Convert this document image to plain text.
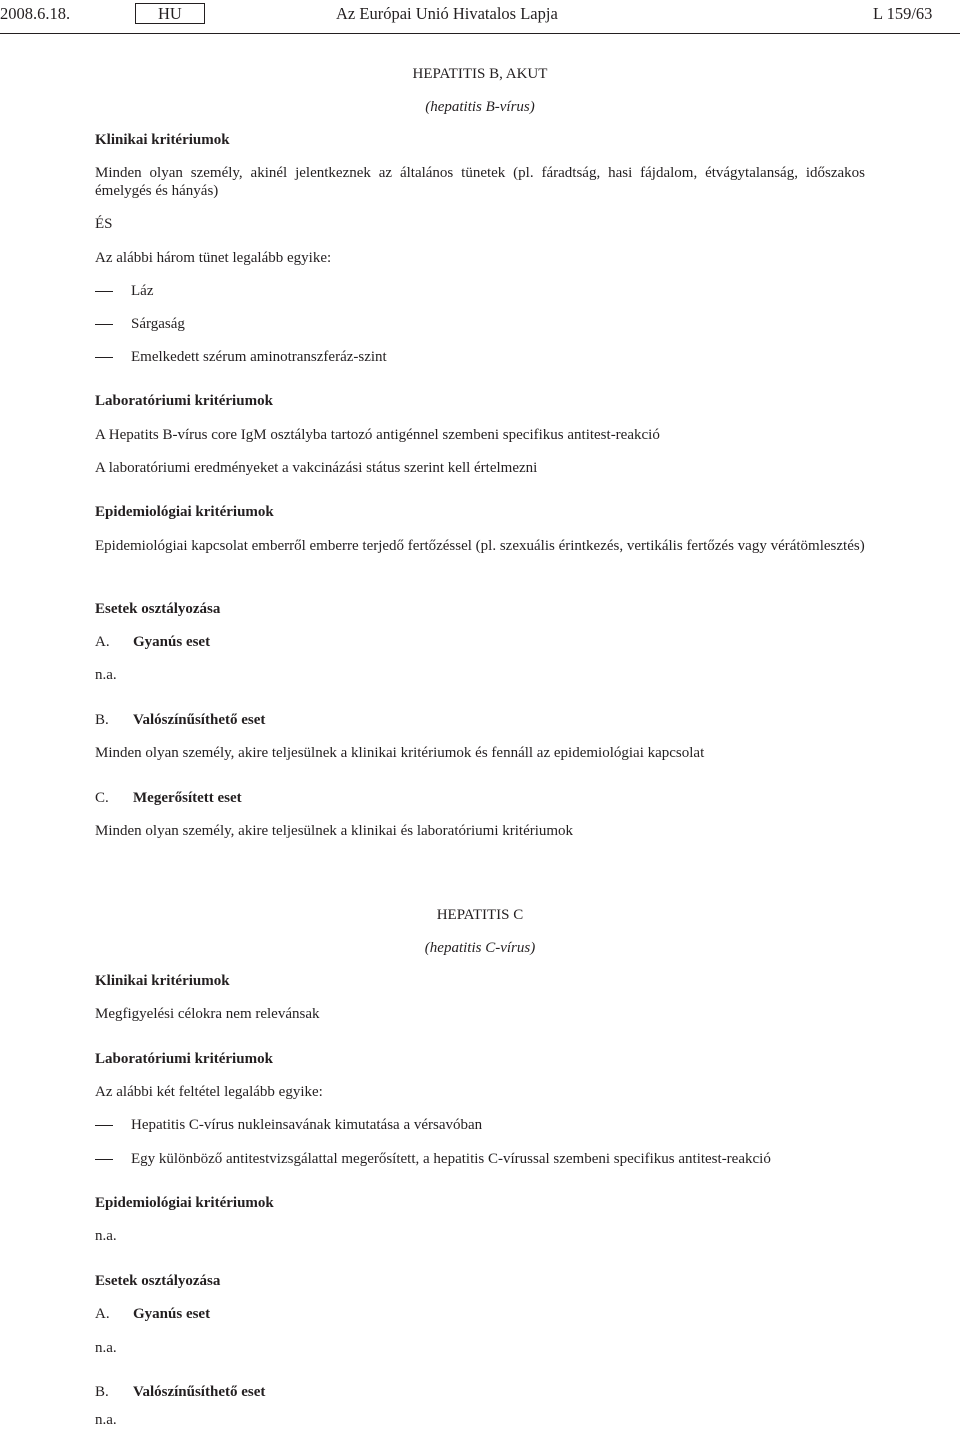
2008.6.18.	HU	Az Európai Unió Hivatalos Lapja	L 159/63
HEPATITIS B, AKUT
(hepatitis B-vírus)
Klinikai kritériumok
Minden olyan személy, akinél jelentkeznek az általános tünetek (pl. fáradtság, hasi fájdalom, étvágytalanság, időszakos émelygés és hányás)
ÉS
Az alábbi három tünet legalább egyike:
Láz
Sárgaság
Emelkedett szérum aminotranszferáz-szint
Laboratóriumi kritériumok
A Hepatits B-vírus core IgM osztályba tartozó antigénnel szembeni specifikus antitest-reakció
A laboratóriumi eredményeket a vakcinázási státus szerint kell értelmezni
Epidemiológiai kritériumok
Epidemiológiai kapcsolat emberről emberre terjedő fertőzéssel (pl. szexuális érintkezés, vertikális fertőzés vagy vérátömlesztés)
Esetek osztályozása
A. Gyanús eset
n.a.
B. Valószínűsíthető eset
Minden olyan személy, akire teljesülnek a klinikai kritériumok és fennáll az epidemiológiai kapcsolat
C. Megerősített eset
Minden olyan személy, akire teljesülnek a klinikai és laboratóriumi kritériumok
HEPATITIS C
(hepatitis C-vírus)
Klinikai kritériumok
Megfigyelési célokra nem relevánsak
Laboratóriumi kritériumok
Az alábbi két feltétel legalább egyike:
Hepatitis C-vírus nukleinsavának kimutatása a vérsavóban
Egy különböző antitestvizsgálattal megerősített, a hepatitis C-vírussal szembeni specifikus antitest-reakció
Epidemiológiai kritériumok
n.a.
Esetek osztályozása
A. Gyanús eset
n.a.
B. Valószínűsíthető eset
n.a.
